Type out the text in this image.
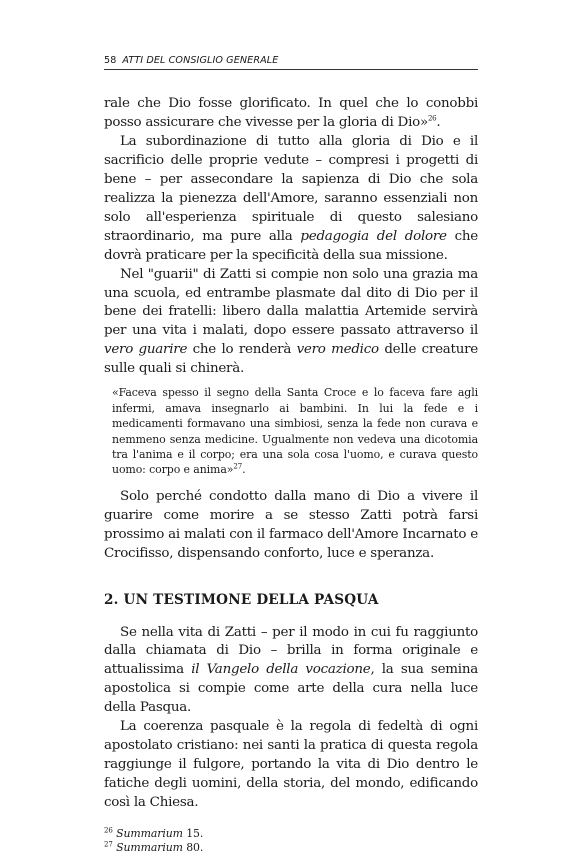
58 ATTI DEL CONSIGLIO GENERALE

rale che Dio fosse glorificato. In quel che lo conobbi posso assicurare che vivesse per la gloria di Dio»$^{26}$.

La subordinazione di tutto alla gloria di Dio e il sacrificio delle proprie vedute – compresi i progetti di bene – per assecondare la sapienza di Dio che sola realizza la pienezza dell'Amore, saranno essenziali non solo all'esperienza spirituale di questo salesiano straordinario, ma pure alla pedagogia del dolore che dovrà praticare per la specificità della sua missione.

Nel "guarii" di Zatti si compie non solo una grazia ma una scuola, ed entrambe plasmate dal dito di Dio per il bene dei fratelli: libero dalla malattia Artemide servirà per una vita i malati, dopo essere passato attraverso il vero guarire che lo renderà vero medico delle creature sulle quali si chinerà.

«Faceva spesso il segno della Santa Croce e lo faceva fare agli infermi, amava insegnarlo ai bambini. In lui la fede e i medicamenti formavano una simbiosi, senza la fede non curava e nemmeno senza medicine. Ugualmente non vedeva una dicotomia tra l'anima e il corpo; era una sola cosa l'uomo, e curava questo uomo: corpo e anima»$^{27}$.

Solo perché condotto dalla mano di Dio a vivere il guarire come morire a se stesso Zatti potrà farsi prossimo ai malati con il farmaco dell'Amore Incarnato e Crocifisso, dispensando conforto, luce e speranza.

2. UN TESTIMONE DELLA PASQUA

Se nella vita di Zatti – per il modo in cui fu raggiunto dalla chiamata di Dio – brilla in forma originale e attualissima il Vangelo della vocazione, la sua semina apostolica si compie come arte della cura nella luce della Pasqua.

La coerenza pasquale è la regola di fedeltà di ogni apostolato cristiano: nei santi la pratica di questa regola raggiunge il fulgore, portando la vita di Dio dentro le fatiche degli uomini, della storia, del mondo, edificando così la Chiesa.

$^{26}$ Summarium 15.
$^{27}$ Summarium 80.
